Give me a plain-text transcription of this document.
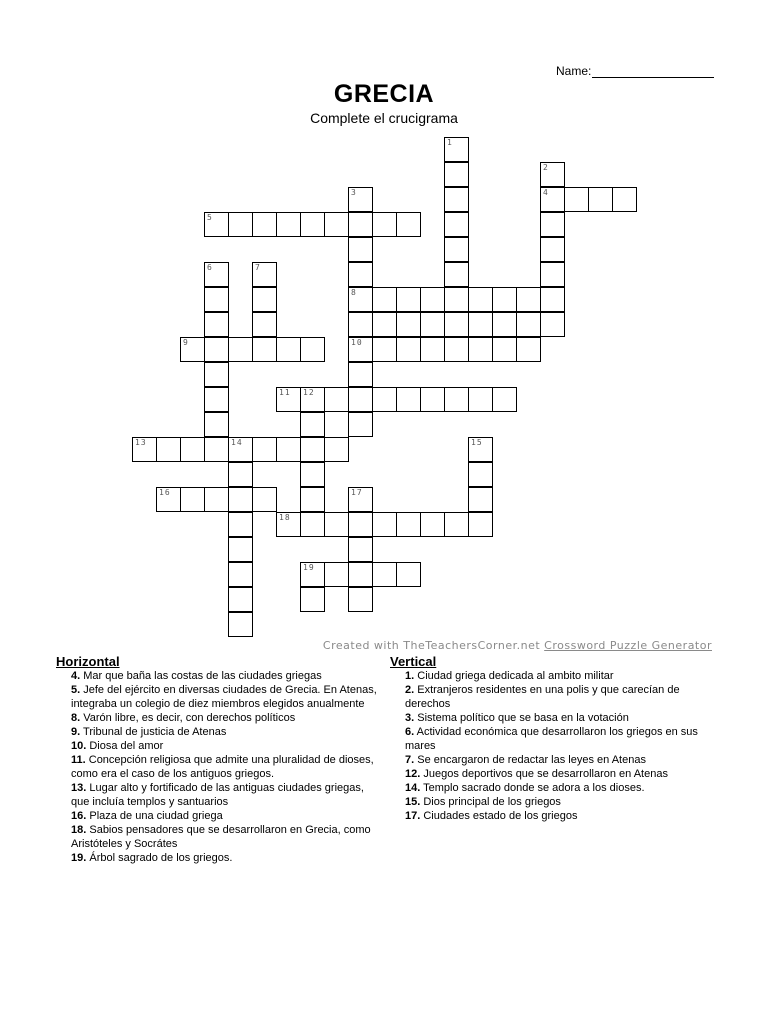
Name:
GRECIA
Complete el crucigrama
1
2
4
5
3
8
10
6	7
9
11 12
13	14	15
16	17
18
19
Created with TheTeachersCorner.net Crossword Puzzle Generator
Horizontal
4. Mar que baña las costas de las ciudades griegas
5. Jefe del ejército en diversas ciudades de Grecia. En Atenas, integraba un colegio de diez miembros elegidos anualmente
8. Varón libre, es decir, con derechos políticos
9. Tribunal de justicia de Atenas
10. Diosa del amor
11. Concepción religiosa que admite una pluralidad de dioses, como era el caso de los antiguos griegos.
13. Lugar alto y fortificado de las antiguas ciudades griegas, que incluía templos y santuarios
16. Plaza de una ciudad griega
18. Sabios pensadores que se desarrollaron en Grecia, como Aristóteles y Socrátes
19. Árbol sagrado de los griegos.
Vertical
1. Ciudad griega dedicada al ambito militar
2. Extranjeros residentes en una polis y que carecían de derechos
3. Sistema político que se basa en la votación
6. Actividad económica que desarrollaron los griegos en sus mares
7. Se encargaron de redactar las leyes en Atenas
12. Juegos deportivos que se desarrollaron en Atenas
14. Templo sacrado donde se adora a los dioses.
15. Dios principal de los griegos
17. Ciudades estado de los griegos
